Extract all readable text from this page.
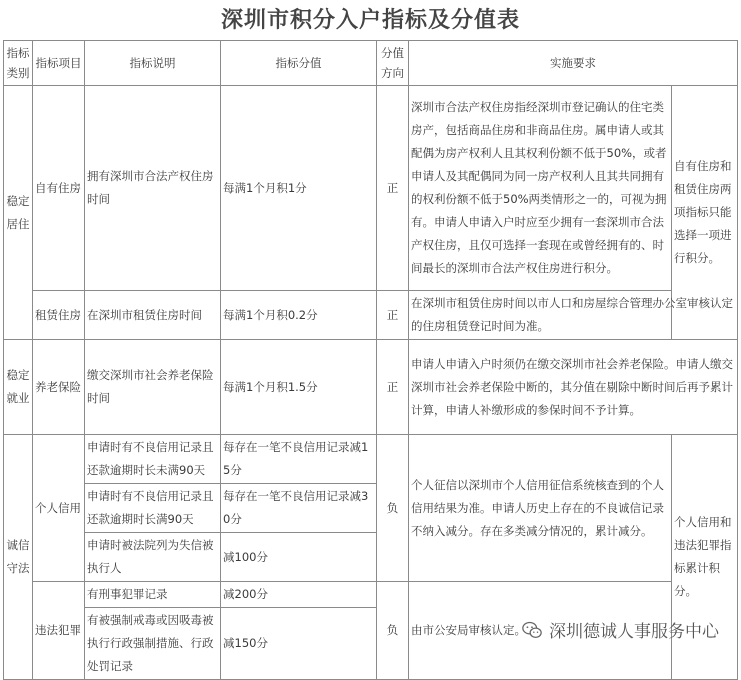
深圳市积分入户指标及分值表
指标类别	指标项目	指标说明	指标分值	分值方向	实施要求	
稳定居住	自有住房	拥有深圳市合法产权住房时间	每满1个月积1分	正	深圳市合法产权住房指经深圳市登记确认的住宅类房产，包括商品住房和非商品住房。属申请人或其配偶为房产权利人且其权利份额不低于50%，或者申请人及其配偶同为同一房产权利人且其共同拥有的权利份额不低于50%两类情形之一的，可视为拥有。申请人申请入户时应至少拥有一套深圳市合法产权住房，且仅可选择一套现在或曾经拥有的、时间最长的深圳市合法产权住房进行积分。	自有住房和租赁住房两项指标只能选择一项进行积分。
	租赁住房	在深圳市租赁住房时间	每满1个月积0.2分	正	在深圳市租赁住房时间以市人口和房屋综合管理办公室审核认定的住房租赁登记时间为准。	
稳定就业	养老保险	缴交深圳市社会养老保险时间	每满1个月积1.5分	正	申请人申请入户时须仍在缴交深圳市社会养老保险。申请人缴交深圳市社会养老保险中断的，其分值在剔除中断时间后再予累计计算，申请人补缴形成的参保时间不予计算。	
诚信守法	个人信用	申请时有不良信用记录且还款逾期时长未满90天	每存在一笔不良信用记录减15分	负	个人征信以深圳市个人信用征信系统核查到的个人信用结果为准。申请人历史上存在的不良诚信记录不纳入减分。存在多类减分情况的，累计减分。	个人信用和违法犯罪指标累计积分。
		申请时有不良信用记录且还款逾期时长满90天	每存在一笔不良信用记录减30分			
		申请时被法院列为失信被执行人	减100分			
	违法犯罪	有刑事犯罪记录	减200分	负	由市公安局审核认定。	
		有被强制戒毒或因吸毒被执行行政强制措施、行政处罚记录	减150分			
深圳德诚人事服务中心
